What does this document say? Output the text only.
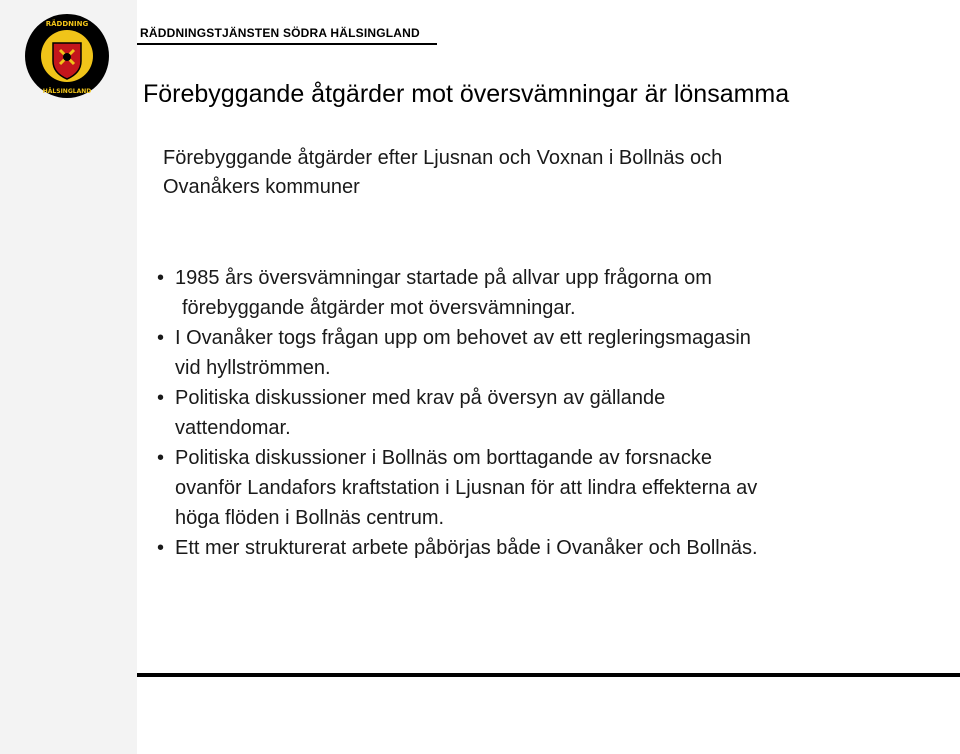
RÄDDNING
HÄLSINGLAND
RÄDDNINGSTJÄNSTEN SÖDRA HÄLSINGLAND
Förebyggande åtgärder mot översvämningar är lönsamma
Förebyggande åtgärder efter Ljusnan och Voxnan i Bollnäs och
Ovanåkers kommuner
• 1985 års översvämningar startade på allvar upp frågorna om
förebyggande åtgärder mot översvämningar.
• I Ovanåker togs frågan upp om behovet av ett regleringsmagasin
vid hyllströmmen.
• Politiska diskussioner med krav på översyn av gällande
vattendomar.
• Politiska diskussioner i Bollnäs om borttagande av forsnacke
ovanför Landafors kraftstation i Ljusnan för att lindra effekterna av
höga flöden i Bollnäs centrum.
• Ett mer strukturerat arbete påbörjas både i Ovanåker och Bollnäs.
